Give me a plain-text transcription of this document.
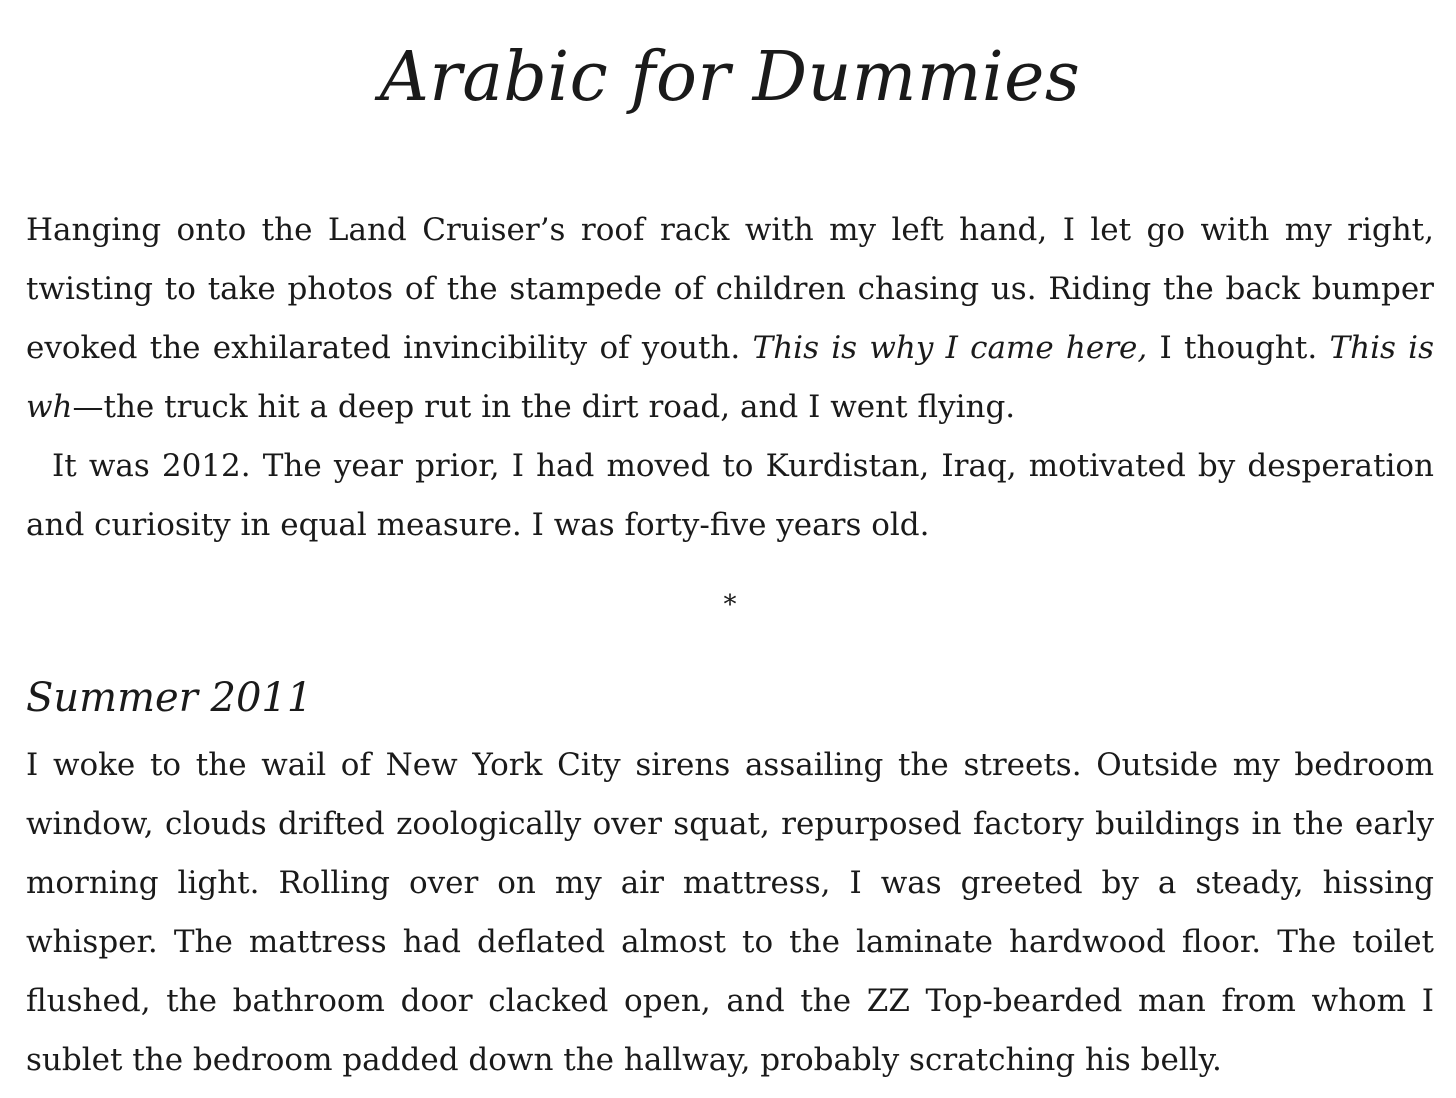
Arabic for Dummies

Hanging onto the Land Cruiser’s roof rack with my left hand, I let go with my right, twisting to take photos of the stampede of children chasing us. Riding the back bumper evoked the exhilarated invincibility of youth. This is why I came here, I thought. This is wh—the truck hit a deep rut in the dirt road, and I went flying.

It was 2012. The year prior, I had moved to Kurdistan, Iraq, motivated by desperation and curiosity in equal measure. I was forty-five years old.

*
Summer 2011

I woke to the wail of New York City sirens assailing the streets. Outside my bedroom window, clouds drifted zoologically over squat, repurposed factory buildings in the early morning light. Rolling over on my air mattress, I was greeted by a steady, hissing whisper. The mattress had deflated almost to the laminate hardwood floor. The toilet flushed, the bathroom door clacked open, and the ZZ Top-bearded man from whom I sublet the bedroom padded down the hallway, probably scratching his belly.
